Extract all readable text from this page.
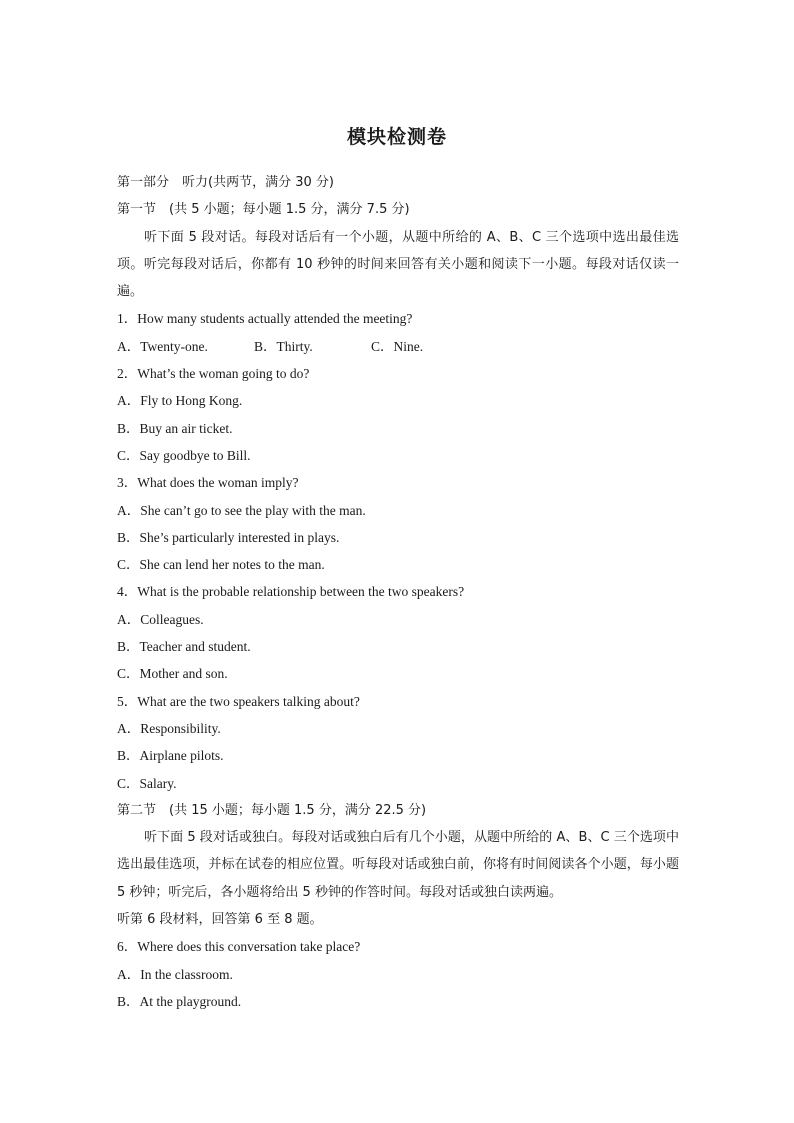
模块检测卷
第一部分　听力(共两节，满分 30 分)
第一节　(共 5 小题；每小题 1.5 分，满分 7.5 分)
听下面 5 段对话。每段对话后有一个小题，从题中所给的 A、B、C 三个选项中选出最佳选项。听完每段对话后，你都有 10 秒钟的时间来回答有关小题和阅读下一小题。每段对话仅读一遍。
1．How many students actually attended the meeting?
A．Twenty-one.	B．Thirty.	C．Nine.
2．What’s the woman going to do?
A．Fly to Hong Kong.
B．Buy an air ticket.
C．Say goodbye to Bill.
3．What does the woman imply?
A．She can’t go to see the play with the man.
B．She’s particularly interested in plays.
C．She can lend her notes to the man.
4．What is the probable relationship between the two speakers?
A．Colleagues.
B．Teacher and student.
C．Mother and son.
5．What are the two speakers talking about?
A．Responsibility.
B．Airplane pilots.
C．Salary.
第二节　(共 15 小题；每小题 1.5 分，满分 22.5 分)
听下面 5 段对话或独白。每段对话或独白后有几个小题，从题中所给的 A、B、C 三个选项中选出最佳选项，并标在试卷的相应位置。听每段对话或独白前，你将有时间阅读各个小题，每小题 5 秒钟；听完后，各小题将给出 5 秒钟的作答时间。每段对话或独白读两遍。
听第 6 段材料，回答第 6 至 8 题。
6．Where does this conversation take place?
A．In the classroom.
B．At the playground.
